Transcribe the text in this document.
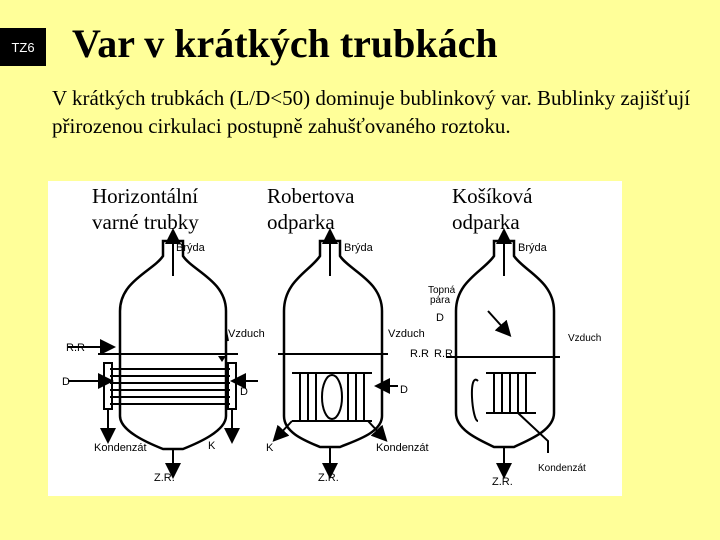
TZ6 Var v krátkých trubkách

V krátkých trubkách (L/D<50) dominuje bublinkový var. Bublinky zajišťují přirozenou cirkulaci postupně zahušťovaného roztoku.

Horizontální
varné trubky
Robertova
odparka
Košíková
odparka
Brýda
Vzduch
R.R
D
D
Kondenzát	K
Z.R.
Brýda
Vzduch
R.R
D
K	Kondenzát
Z.R.
Brýda
Topná
pára
D
Vzduch
R.R
Kondenzát
Z.R.
